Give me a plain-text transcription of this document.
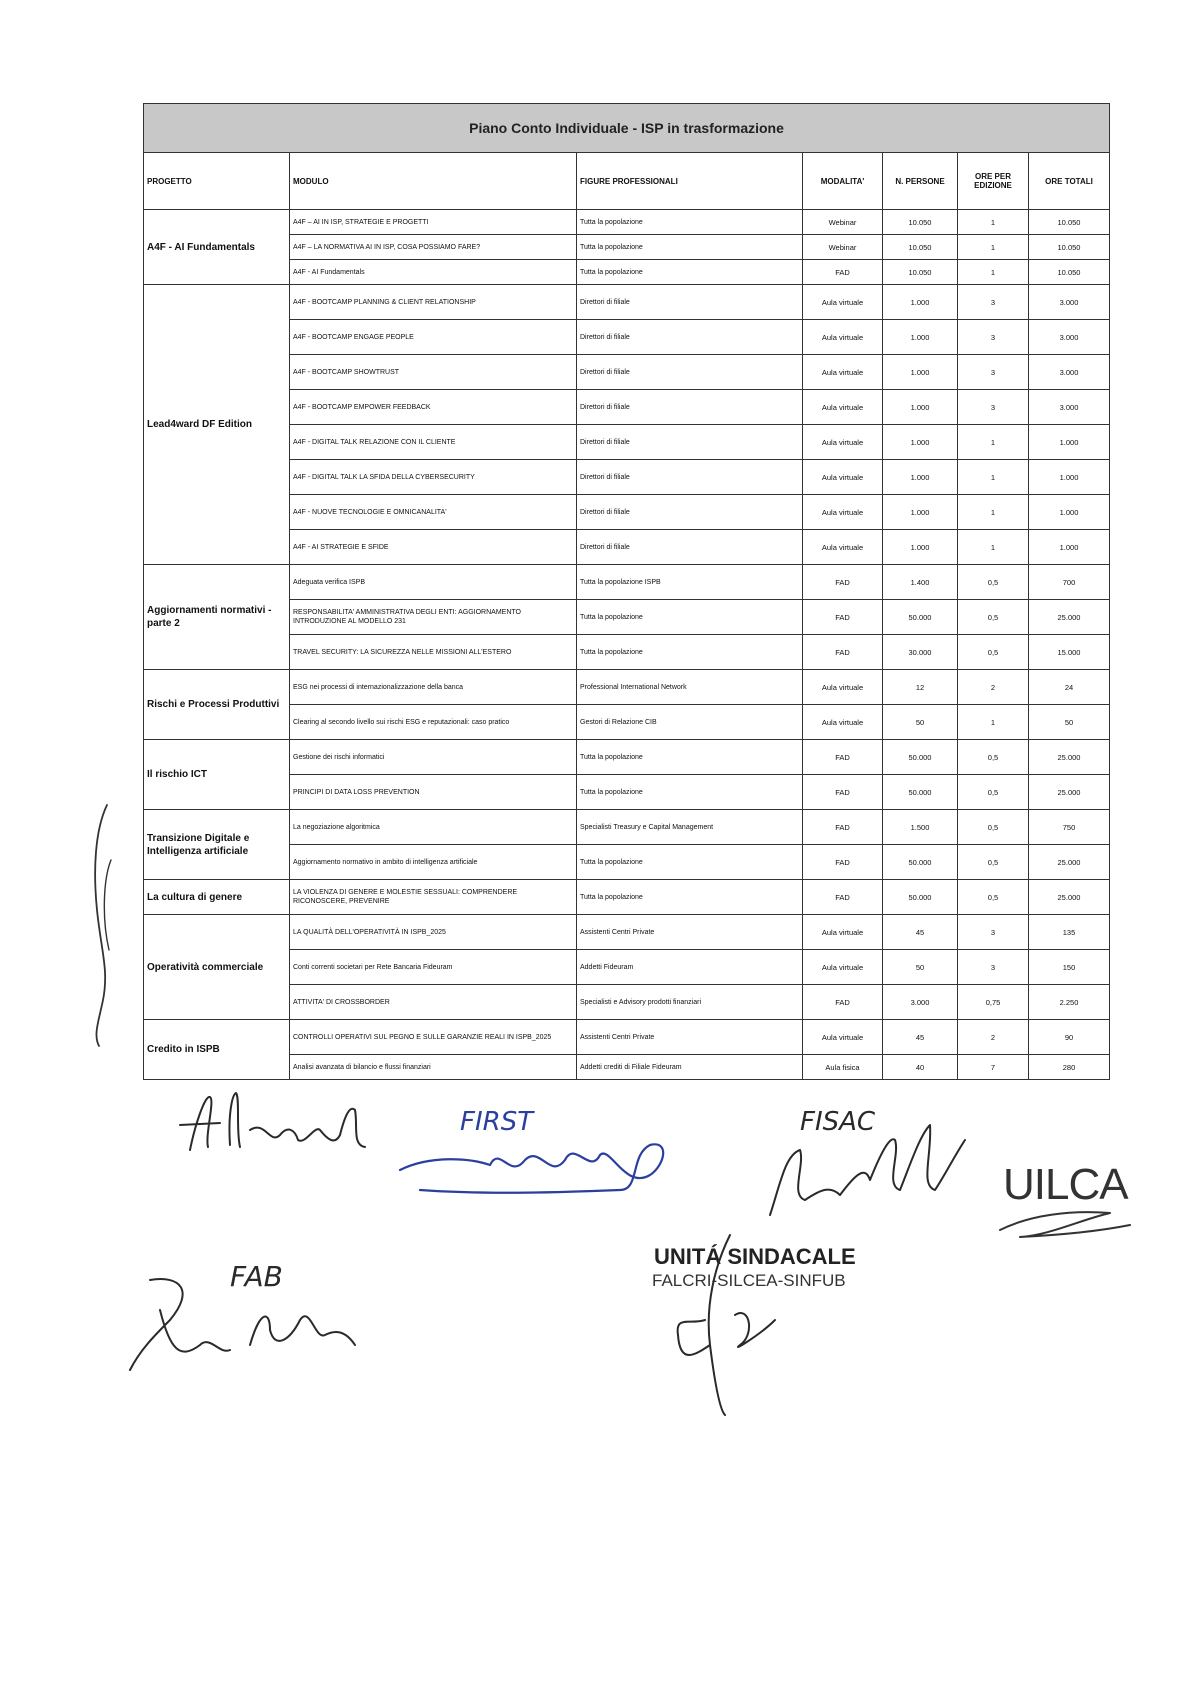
Piano Conto Individuale - ISP in trasformazione						
PROGETTO	MODULO	FIGURE PROFESSIONALI	MODALITA'	N. PERSONE	ORE PER EDIZIONE	ORE TOTALI
A4F - AI Fundamentals	A4F – AI IN ISP, STRATEGIE E PROGETTI	Tutta la popolazione	Webinar	10.050	1	10.050
	A4F – LA NORMATIVA AI IN ISP, COSA POSSIAMO FARE?	Tutta la popolazione	Webinar	10.050	1	10.050
	A4F - AI Fundamentals	Tutta la popolazione	FAD	10.050	1	10.050
Lead4ward DF Edition	A4F - BOOTCAMP PLANNING & CLIENT RELATIONSHIP	Direttori di filiale	Aula virtuale	1.000	3	3.000
	A4F - BOOTCAMP ENGAGE PEOPLE	Direttori di filiale	Aula virtuale	1.000	3	3.000
	A4F - BOOTCAMP SHOWTRUST	Direttori di filiale	Aula virtuale	1.000	3	3.000
	A4F - BOOTCAMP EMPOWER FEEDBACK	Direttori di filiale	Aula virtuale	1.000	3	3.000
	A4F - DIGITAL TALK RELAZIONE CON IL CLIENTE	Direttori di filiale	Aula virtuale	1.000	1	1.000
	A4F - DIGITAL TALK LA SFIDA DELLA CYBERSECURITY	Direttori di filiale	Aula virtuale	1.000	1	1.000
	A4F - NUOVE TECNOLOGIE E OMNICANALITA'	Direttori di filiale	Aula virtuale	1.000	1	1.000
	A4F - AI STRATEGIE E SFIDE	Direttori di filiale	Aula virtuale	1.000	1	1.000
Aggiornamenti normativi - parte 2	Adeguata verifica ISPB	Tutta la popolazione ISPB	FAD	1.400	0,5	700
	RESPONSABILITA' AMMINISTRATIVA DEGLI ENTI: AGGIORNAMENTO INTRODUZIONE AL MODELLO 231	Tutta la popolazione	FAD	50.000	0,5	25.000
	TRAVEL SECURITY: LA SICUREZZA NELLE MISSIONI ALL'ESTERO	Tutta la popolazione	FAD	30.000	0,5	15.000
Rischi e Processi Produttivi	ESG nei processi di internazionalizzazione della banca	Professional International Network	Aula virtuale	12	2	24
	Clearing al secondo livello sui rischi ESG e reputazionali: caso pratico	Gestori di Relazione CIB	Aula virtuale	50	1	50
Il rischio ICT	Gestione dei rischi informatici	Tutta la popolazione	FAD	50.000	0,5	25.000
	PRINCIPI DI DATA LOSS PREVENTION	Tutta la popolazione	FAD	50.000	0,5	25.000
Transizione Digitale e Intelligenza artificiale	La negoziazione algoritmica	Specialisti Treasury e Capital Management	FAD	1.500	0,5	750
	Aggiornamento normativo in ambito di intelligenza artificiale	Tutta la popolazione	FAD	50.000	0,5	25.000
La cultura di genere	LA VIOLENZA DI GENERE E MOLESTIE SESSUALI: COMPRENDERE RICONOSCERE, PREVENIRE	Tutta la popolazione	FAD	50.000	0,5	25.000
Operatività commerciale	LA QUALITÀ DELL'OPERATIVITÀ IN ISPB_2025	Assistenti Centri Private	Aula virtuale	45	3	135
	Conti correnti societari per Rete Bancaria Fideuram	Addetti Fideuram	Aula virtuale	50	3	150
	ATTIVITA' DI CROSSBORDER	Specialisti e Advisory prodotti finanziari	FAD	3.000	0,75	2.250
Credito in ISPB	CONTROLLI OPERATIVI SUL PEGNO E SULLE GARANZIE REALI IN ISPB_2025	Assistenti Centri Private	Aula virtuale	45	2	90
	Analisi avanzata di bilancio e flussi finanziari	Addetti crediti di Filiale Fideuram	Aula fisica	40	7	280
FIRST	FISAC
UILCA
FAB
UNITÁ SINDACALE
FALCRI-SILCEA-SINFUB
